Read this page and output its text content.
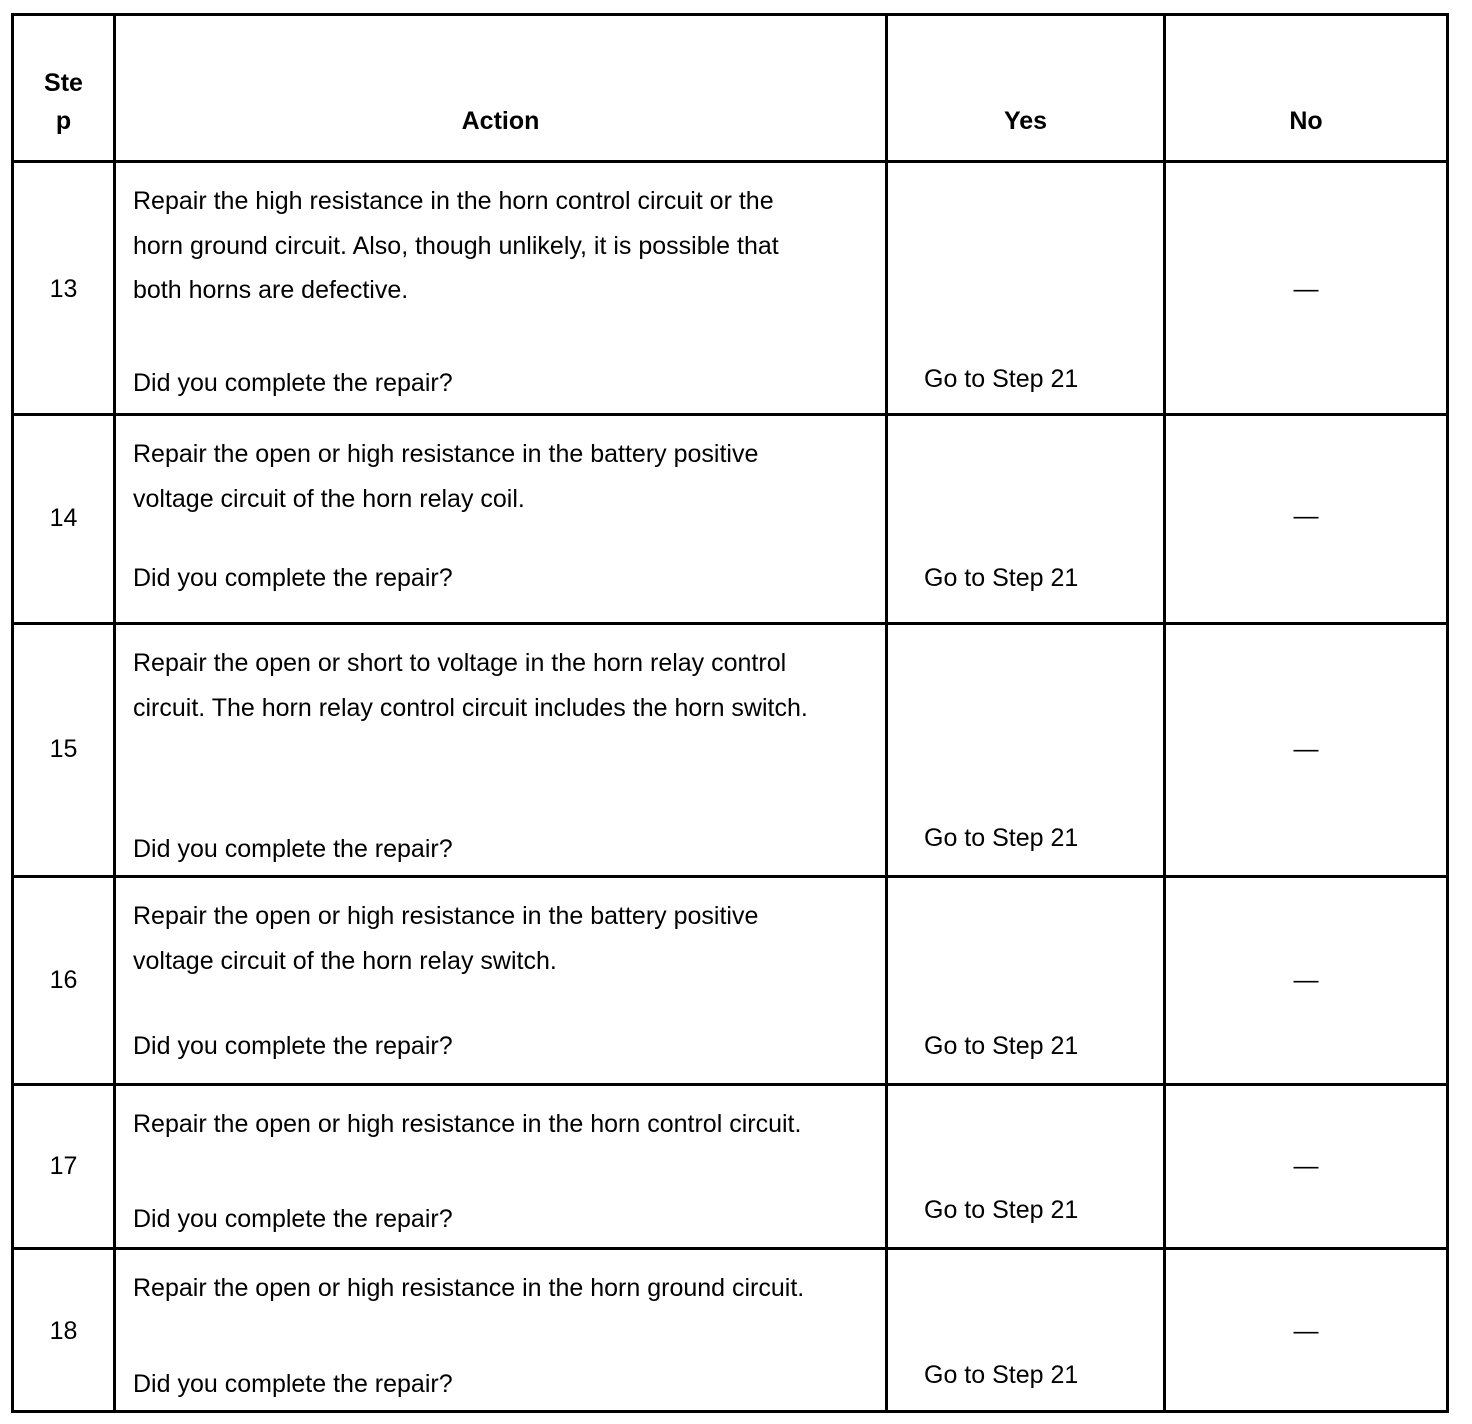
Step	Action	Yes	No

13	Repair the high resistance in the horn control circuit or the horn ground circuit. Also, though unlikely, it is possible that both horns are defective.
Did you complete the repair?	Go to Step 21	—

14	Repair the open or high resistance in the battery positive voltage circuit of the horn relay coil.
Did you complete the repair?	Go to Step 21	—

15	Repair the open or short to voltage in the horn relay control circuit. The horn relay control circuit includes the horn switch.
Did you complete the repair?	Go to Step 21	—

16	Repair the open or high resistance in the battery positive voltage circuit of the horn relay switch.
Did you complete the repair?	Go to Step 21	—

17	Repair the open or high resistance in the horn control circuit.
Did you complete the repair?	Go to Step 21	—

18	Repair the open or high resistance in the horn ground circuit.
Did you complete the repair?	Go to Step 21	—
